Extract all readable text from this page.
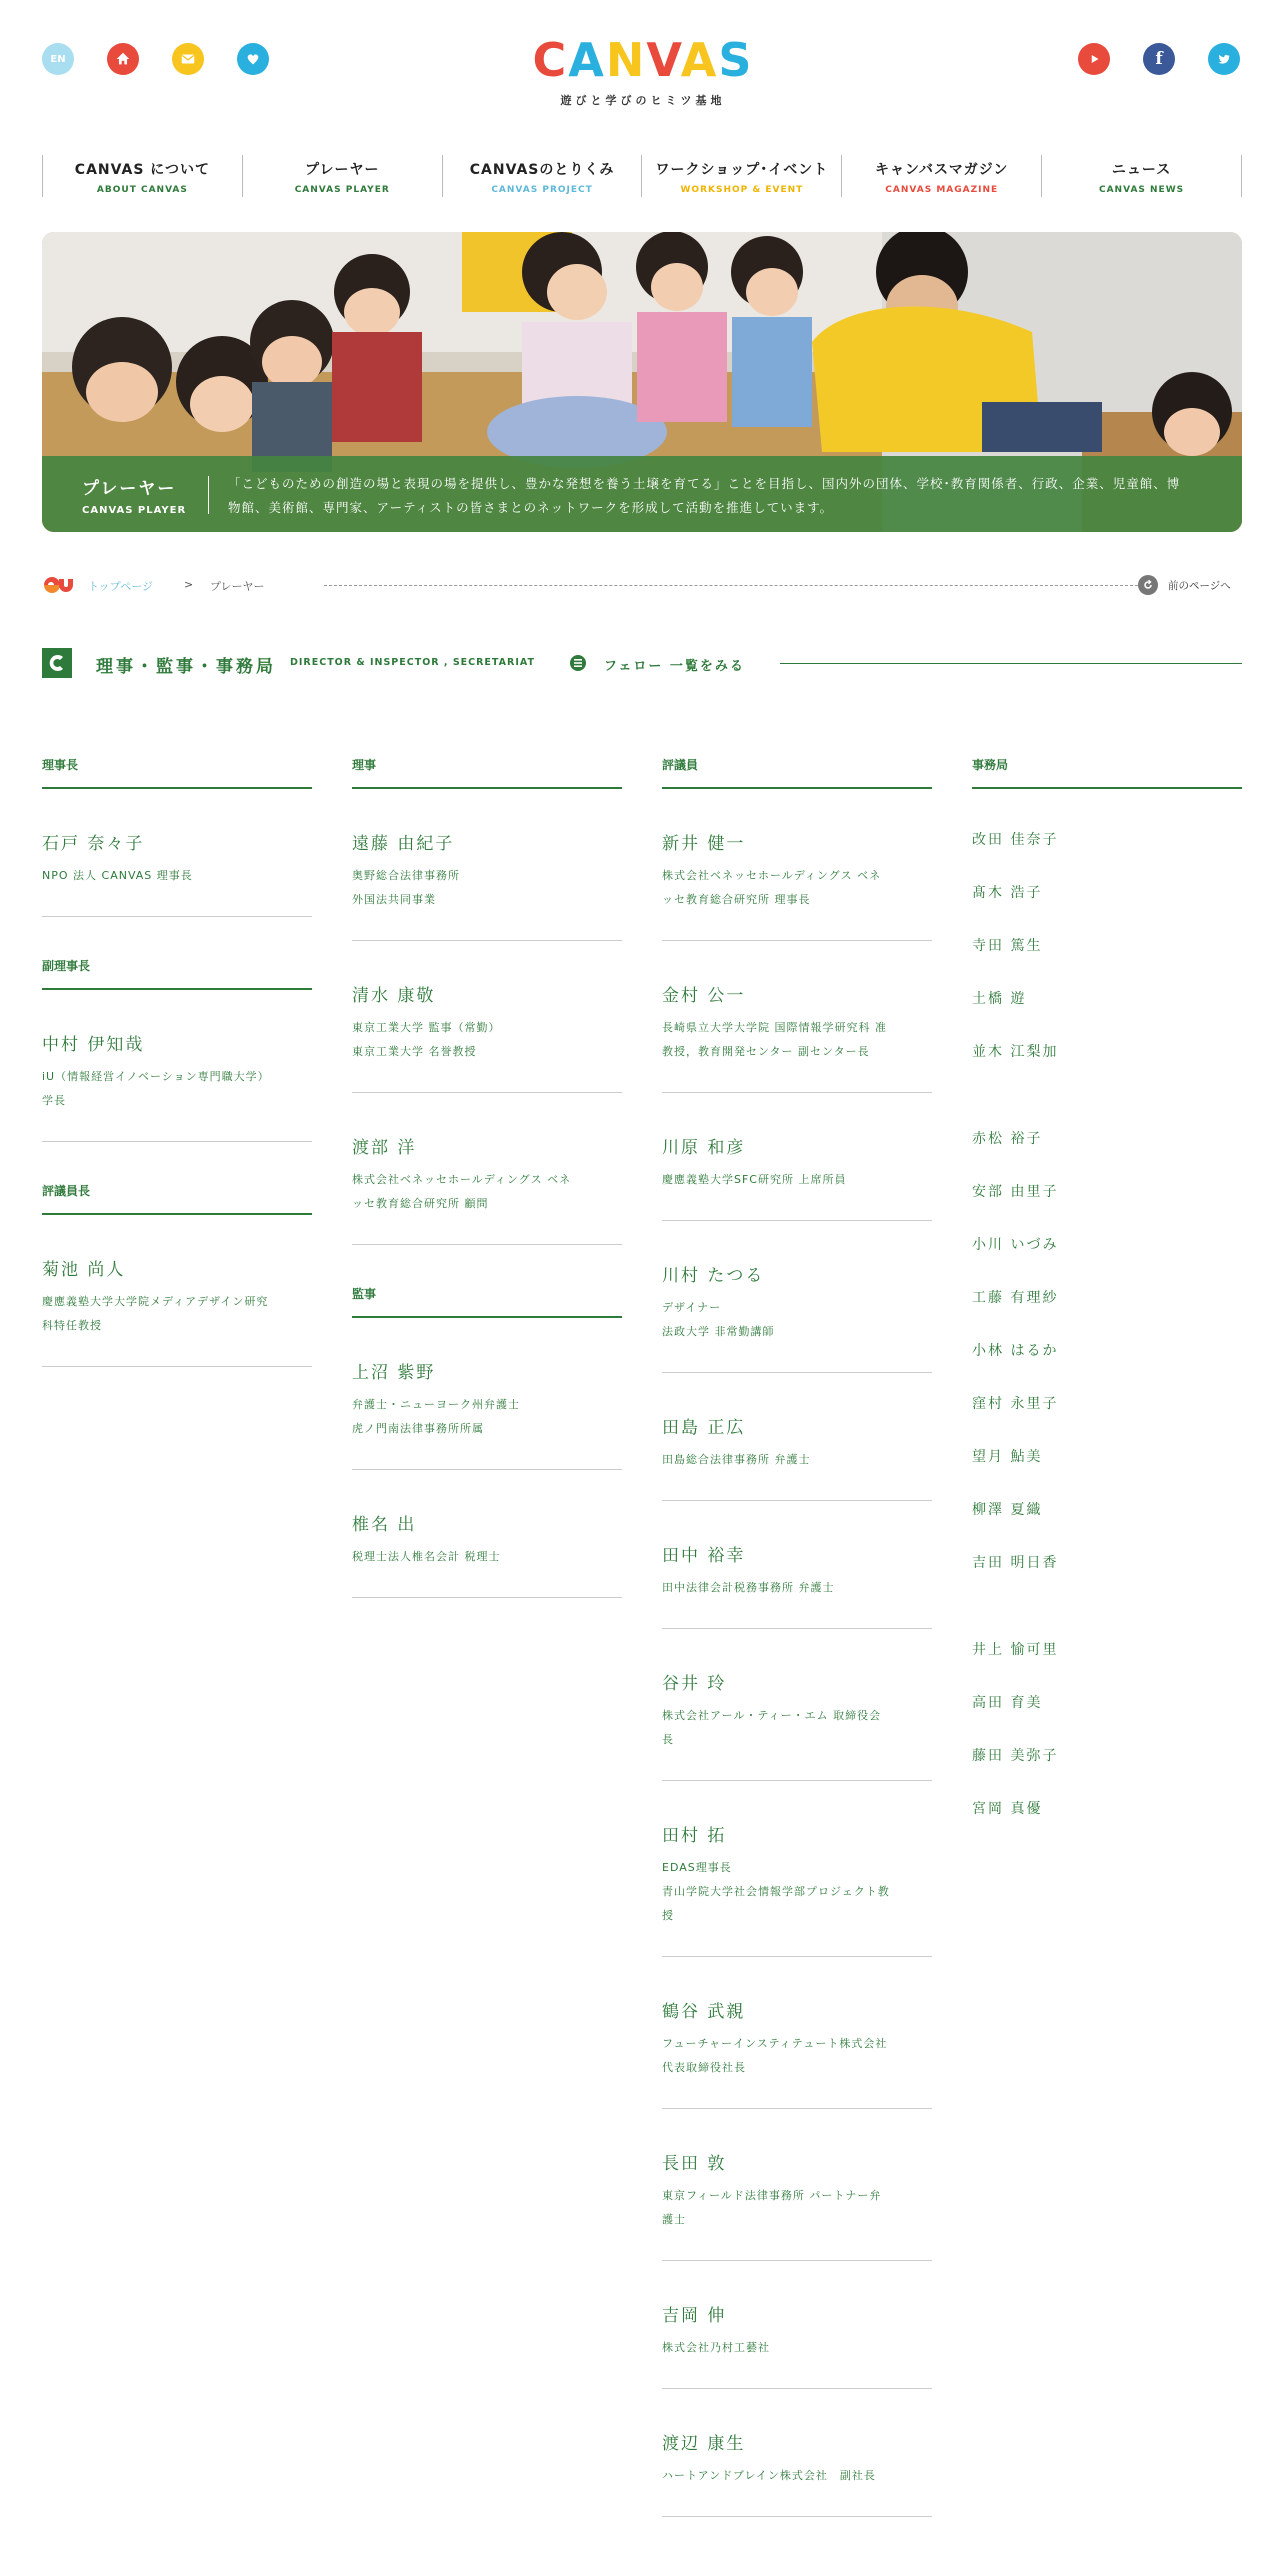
EN	CANVAS
遊びと学びのヒミツ基地
f
CANVAS について
ABOUT CANVAS
プレーヤー
CANVAS PLAYER
CANVASのとりくみ
CANVAS PROJECT
ワークショップ･イベント
WORKSHOP & EVENT
キャンバスマガジン
CANVAS MAGAZINE
ニュース
CANVAS NEWS
プレーヤー
CANVAS PLAYER
「こどものための創造の場と表現の場を提供し、豊かな発想を養う土壌を育てる」ことを目指し、国内外の団体、学校･教育関係者、行政、企業、児童館、博物館、美術館、専門家、アーティストの皆さまとのネットワークを形成して活動を推進しています。
トップページ	> プレーヤー	前のページへ
理事・監事・事務局 DIRECTOR & INSPECTOR , SECRETARIAT	フェロー 一覧をみる
理事長
石戸 奈々子
NPO 法人 CANVAS 理事長
副理事長
中村 伊知哉
iU（情報経営イノベーション専門職大学）
学長
評議員長
菊池 尚人
慶應義塾大学大学院メディアデザイン研究
科特任教授
理事
遠藤 由紀子
奥野総合法律事務所
外国法共同事業
清水 康敬
東京工業大学 監事（常勤）
東京工業大学 名誉教授
渡部 洋
株式会社ベネッセホールディングス ベネ
ッセ教育総合研究所 顧問
監事
上沼 紫野
弁護士・ニューヨーク州弁護士
虎ノ門南法律事務所所属
椎名 出
税理士法人椎名会計 税理士
評議員
新井 健一
株式会社ベネッセホールディングス ベネ
ッセ教育総合研究所 理事長
金村 公一
長崎県立大学大学院 国際情報学研究科 准
教授，教育開発センター 副センター長
川原 和彦
慶應義塾大学SFC研究所 上席所員
川村 たつる
デザイナー
法政大学 非常勤講師
田島 正広
田島総合法律事務所 弁護士
田中 裕幸
田中法律会計税務事務所 弁護士
谷井 玲
株式会社アール・ティー・エム 取締役会
長
田村 拓
EDAS理事長
青山学院大学社会情報学部プロジェクト教
授
鶴谷 武親
フューチャーインスティテュート株式会社
代表取締役社長
長田 敦
東京フィールド法律事務所 パートナー弁
護士
吉岡 伸
株式会社乃村工藝社
渡辺 康生
ハートアンドブレイン株式会社　副社長
事務局
改田 佳奈子
髙木 浩子
寺田 篤生
土橋 遊
並木 江梨加
赤松 裕子
安部 由里子
小川 いづみ
工藤 有理紗
小林 はるか
窪村 永里子
望月 鮎美
柳澤 夏織
吉田 明日香
井上 愉可里
高田 育美
藤田 美弥子
宮岡 真優
